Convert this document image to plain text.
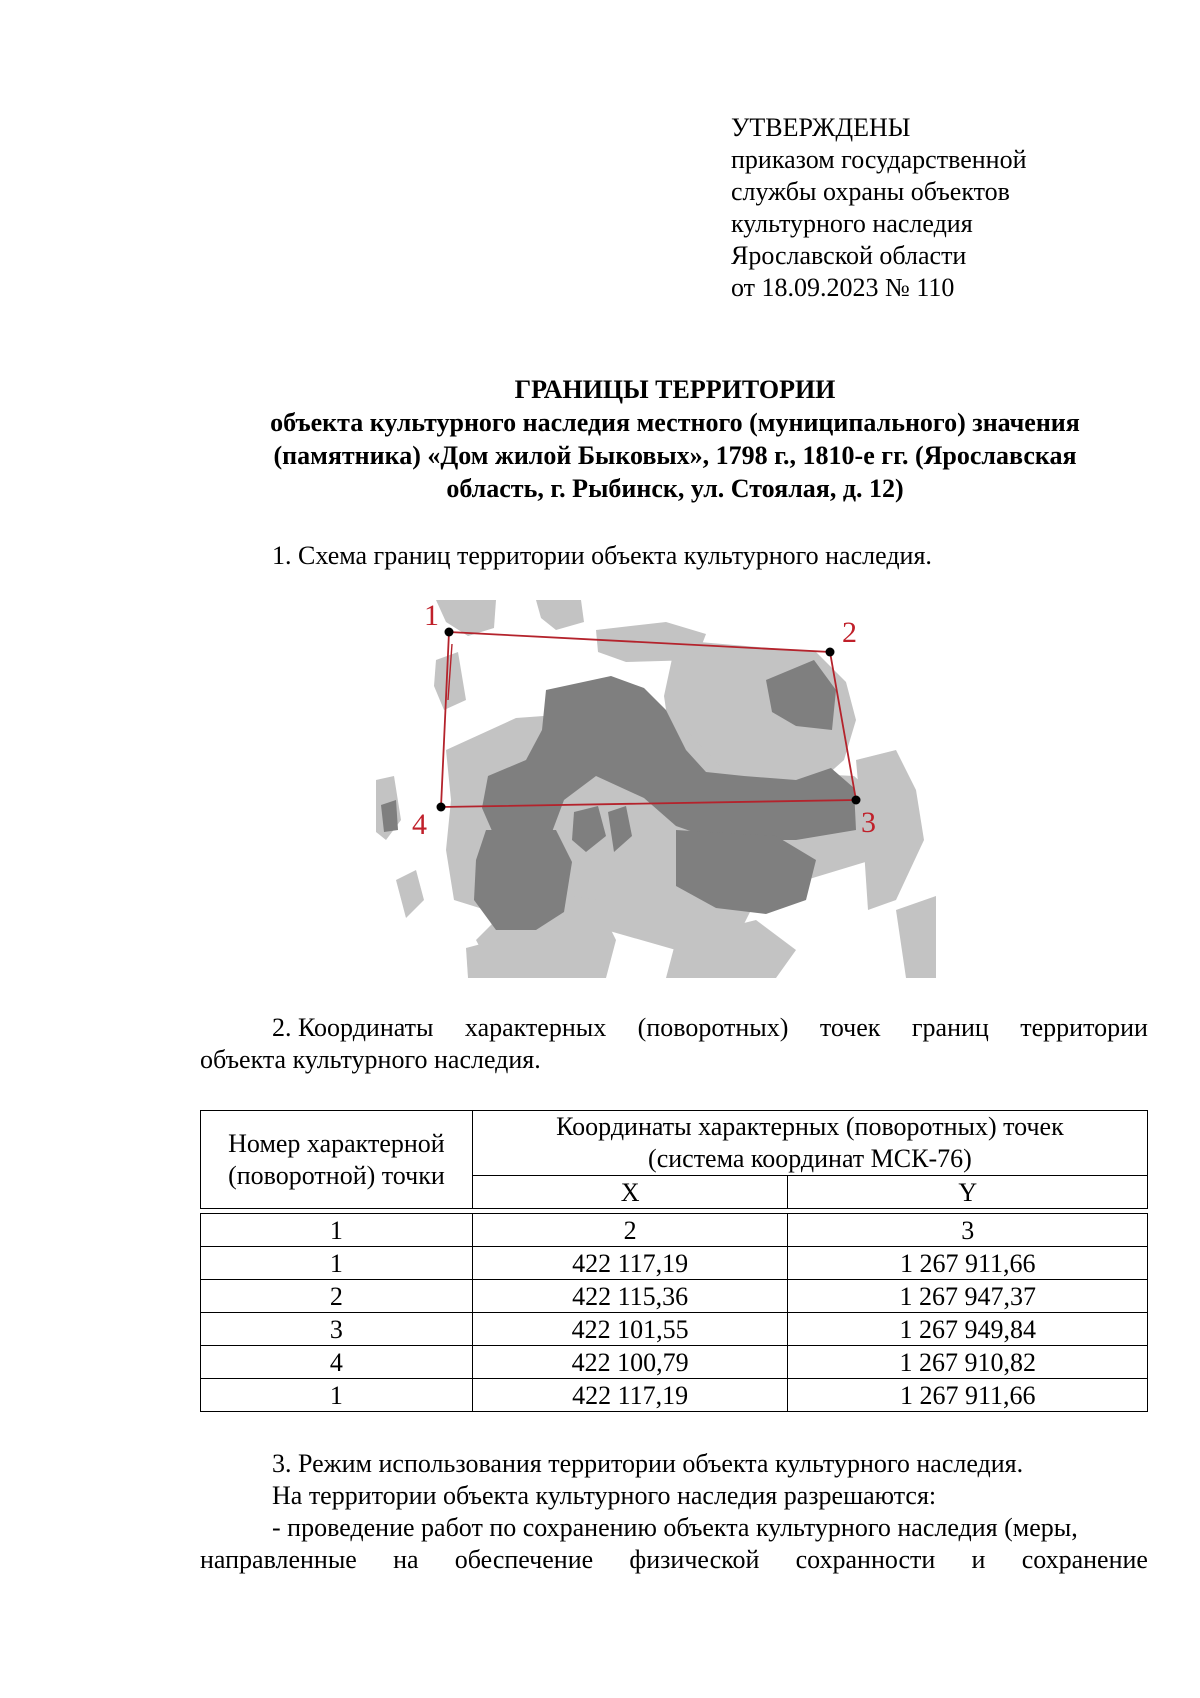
УТВЕРЖДЕНЫ
приказом государственной
службы охраны объектов
культурного наследия
Ярославской области
от 18.09.2023 № 110
ГРАНИЦЫ ТЕРРИТОРИИ
объекта культурного наследия местного (муниципального) значения
(памятника) «Дом жилой Быковых», 1798 г., 1810-е гг. (Ярославская
область, г. Рыбинск, ул. Стоялая, д. 12)
1. Схема границ территории объекта культурного наследия.
1
2
3
4
2. Координаты характерных (поворотных) точек границ территории
объекта культурного наследия.
Номер характерной (поворотной) точки	Координаты характерных (поворотных) точек
(система координат МСК-76)	

	X	Y

1	2	3
1	422 117,19	1 267 911,66
2	422 115,36	1 267 947,37
3	422 101,55	1 267 949,84
4	422 100,79	1 267 910,82
1	422 117,19	1 267 911,66
3. Режим использования территории объекта культурного наследия.
На территории объекта культурного наследия разрешаются:
- проведение работ по сохранению объекта культурного наследия (меры,
направленные на обеспечение физической сохранности и сохранение
